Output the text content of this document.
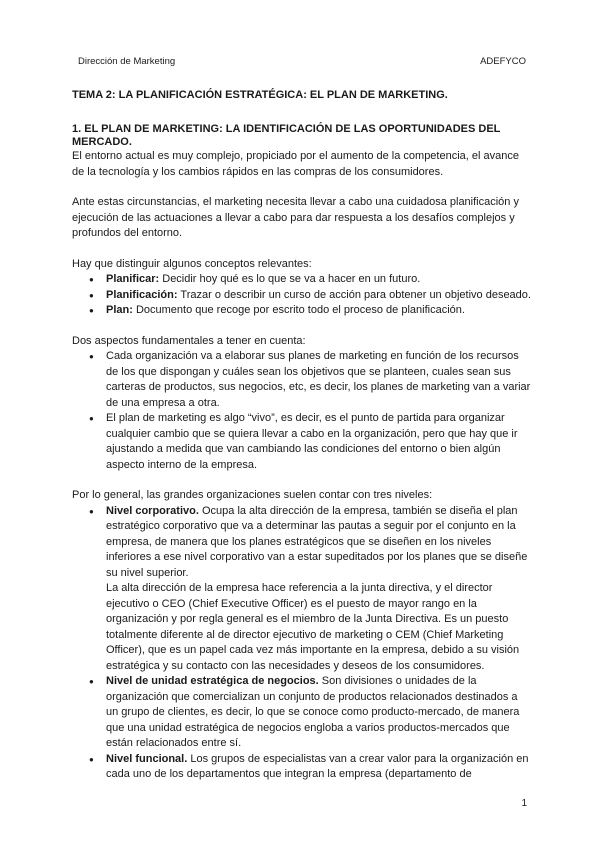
Dirección de Marketing	ADEFYCO
TEMA 2: LA PLANIFICACIÓN ESTRATÉGICA: EL PLAN DE MARKETING.
1. EL PLAN DE MARKETING: LA IDENTIFICACIÓN DE LAS OPORTUNIDADES DEL MERCADO.

El entorno actual es muy complejo, propiciado por el aumento de la competencia, el avance de la tecnología y los cambios rápidos en las compras de los consumidores.

Ante estas circunstancias, el marketing necesita llevar a cabo una cuidadosa planificación y ejecución de las actuaciones a llevar a cabo para dar respuesta a los desafíos complejos y profundos del entorno.

Hay que distinguir algunos conceptos relevantes:

● Planificar: Decidir hoy qué es lo que se va a hacer en un futuro.
● Planificación: Trazar o describir un curso de acción para obtener un objetivo deseado.
● Plan: Documento que recoge por escrito todo el proceso de planificación.

Dos aspectos fundamentales a tener en cuenta:

● Cada organización va a elaborar sus planes de marketing en función de los recursos de los que dispongan y cuáles sean los objetivos que se planteen, cuales sean sus carteras de productos, sus negocios, etc, es decir, los planes de marketing van a variar de una empresa a otra.
● El plan de marketing es algo “vivo”, es decir, es el punto de partida para organizar cualquier cambio que se quiera llevar a cabo en la organización, pero que hay que ir ajustando a medida que van cambiando las condiciones del entorno o bien algún aspecto interno de la empresa.

Por lo general, las grandes organizaciones suelen contar con tres niveles:

● Nivel corporativo. Ocupa la alta dirección de la empresa, también se diseña el plan estratégico corporativo que va a determinar las pautas a seguir por el conjunto en la empresa, de manera que los planes estratégicos que se diseñen en los niveles inferiores a ese nivel corporativo van a estar supeditados por los planes que se diseñe su nivel superior.
La alta dirección de la empresa hace referencia a la junta directiva, y el director ejecutivo o CEO (Chief Executive Officer) es el puesto de mayor rango en la organización y por regla general es el miembro de la Junta Directiva. Es un puesto totalmente diferente al de director ejecutivo de marketing o CEM (Chief Marketing Officer), que es un papel cada vez más importante en la empresa, debido a su visión estratégica y su contacto con las necesidades y deseos de los consumidores.
● Nivel de unidad estratégica de negocios. Son divisiones o unidades de la organización que comercializan un conjunto de productos relacionados destinados a un grupo de clientes, es decir, lo que se conoce como producto-mercado, de manera que una unidad estratégica de negocios engloba a varios productos-mercados que están relacionados entre sí.
● Nivel funcional. Los grupos de especialistas van a crear valor para la organización en cada uno de los departamentos que integran la empresa (departamento de
1
